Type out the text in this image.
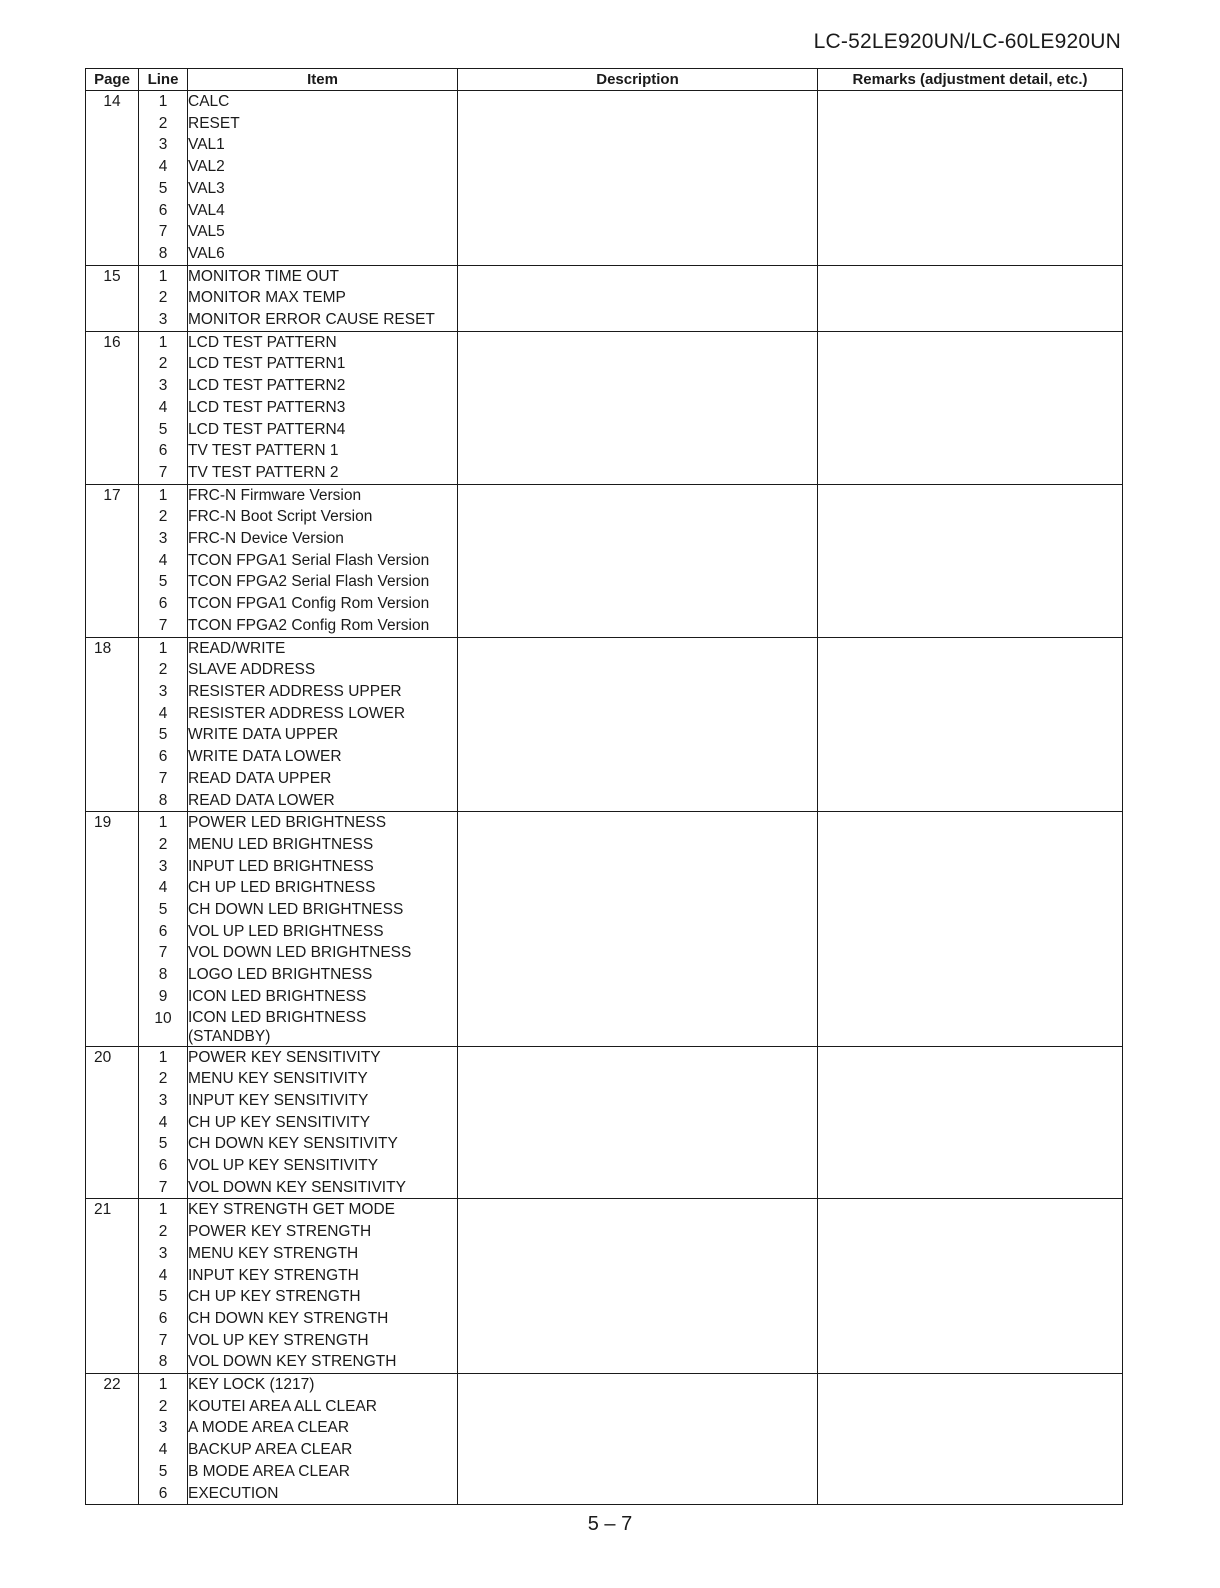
LC-52LE920UN/LC-60LE920UN
Page	Line	Item	Description	Remarks (adjustment detail, etc.)
14	1	CALC		
	2	RESET		
	3	VAL1		
	4	VAL2		
	5	VAL3		
	6	VAL4		
	7	VAL5		
	8	VAL6		
15	1	MONITOR TIME OUT		
	2	MONITOR MAX TEMP		
	3	MONITOR ERROR CAUSE RESET		
16	1	LCD TEST PATTERN		
	2	LCD TEST PATTERN1		
	3	LCD TEST PATTERN2		
	4	LCD TEST PATTERN3		
	5	LCD TEST PATTERN4		
	6	TV TEST PATTERN 1		
	7	TV TEST PATTERN 2		
17	1	FRC-N Firmware Version		
	2	FRC-N Boot Script Version		
	3	FRC-N Device Version		
	4	TCON FPGA1 Serial Flash Version		
	5	TCON FPGA2 Serial Flash Version		
	6	TCON FPGA1 Config Rom Version		
	7	TCON FPGA2 Config Rom Version		
18	1	READ/WRITE		
	2	SLAVE ADDRESS		
	3	RESISTER ADDRESS UPPER		
	4	RESISTER ADDRESS LOWER		
	5	WRITE DATA UPPER		
	6	WRITE DATA LOWER		
	7	READ DATA UPPER		
	8	READ DATA LOWER		
19	1	POWER LED BRIGHTNESS		
	2	MENU LED BRIGHTNESS		
	3	INPUT LED BRIGHTNESS		
	4	CH UP LED BRIGHTNESS		
	5	CH DOWN LED BRIGHTNESS		
	6	VOL UP LED BRIGHTNESS		
	7	VOL DOWN LED BRIGHTNESS		
	8	LOGO LED BRIGHTNESS		
	9	ICON LED BRIGHTNESS		
	10	ICON LED BRIGHTNESS
(STANDBY)		
20	1	POWER KEY SENSITIVITY		
	2	MENU KEY SENSITIVITY		
	3	INPUT KEY SENSITIVITY		
	4	CH UP KEY SENSITIVITY		
	5	CH DOWN KEY SENSITIVITY		
	6	VOL UP KEY SENSITIVITY		
	7	VOL DOWN KEY SENSITIVITY		
21	1	KEY STRENGTH GET MODE		
	2	POWER KEY STRENGTH		
	3	MENU KEY STRENGTH		
	4	INPUT KEY STRENGTH		
	5	CH UP KEY STRENGTH		
	6	CH DOWN KEY STRENGTH		
	7	VOL UP KEY STRENGTH		
	8	VOL DOWN KEY STRENGTH		
22	1	KEY LOCK (1217)		
	2	KOUTEI AREA ALL CLEAR		
	3	A MODE AREA CLEAR		
	4	BACKUP AREA CLEAR		
	5	B MODE AREA CLEAR		
	6	EXECUTION		
5 – 7
